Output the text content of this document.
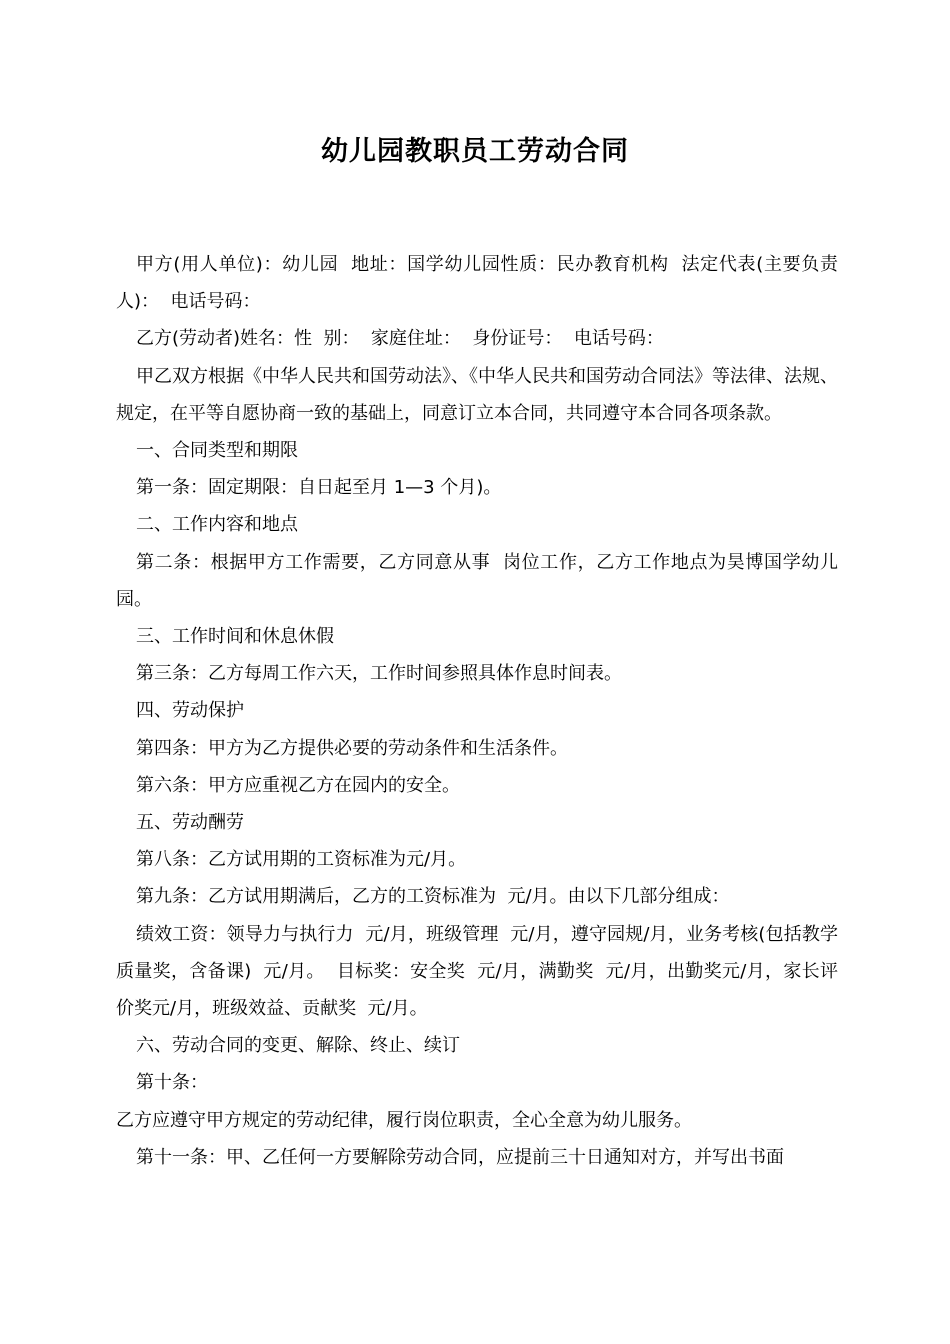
幼儿园教职员工劳动合同

甲方(用人单位)：幼儿园  地址：国学幼儿园性质：民办教育机构  法定代表(主要负责人)：  电话号码：

乙方(劳动者)姓名：性  别：  家庭住址：  身份证号：  电话号码：

甲乙双方根据《中华人民共和国劳动法》、《中华人民共和国劳动合同法》等法律、法规、规定，在平等自愿协商一致的基础上，同意订立本合同，共同遵守本合同各项条款。

一、合同类型和期限

第一条：固定期限：自日起至月 1—3 个月)。

二、工作内容和地点

第二条：根据甲方工作需要，乙方同意从事  岗位工作，乙方工作地点为昊博国学幼儿园。

三、工作时间和休息休假

第三条：乙方每周工作六天，工作时间参照具体作息时间表。

四、劳动保护

第四条：甲方为乙方提供必要的劳动条件和生活条件。

第六条：甲方应重视乙方在园内的安全。

五、劳动酬劳

第八条：乙方试用期的工资标准为元/月。

第九条：乙方试用期满后，乙方的工资标准为  元/月。由以下几部分组成：

绩效工资：领导力与执行力  元/月，班级管理  元/月，遵守园规/月，业务考核(包括教学质量奖，含备课)  元/月。  目标奖：安全奖  元/月，满勤奖  元/月，出勤奖元/月，家长评价奖元/月，班级效益、贡献奖  元/月。

六、劳动合同的变更、解除、终止、续订

第十条：

乙方应遵守甲方规定的劳动纪律，履行岗位职责，全心全意为幼儿服务。

第十一条：甲、乙任何一方要解除劳动合同，应提前三十日通知对方，并写出书面
